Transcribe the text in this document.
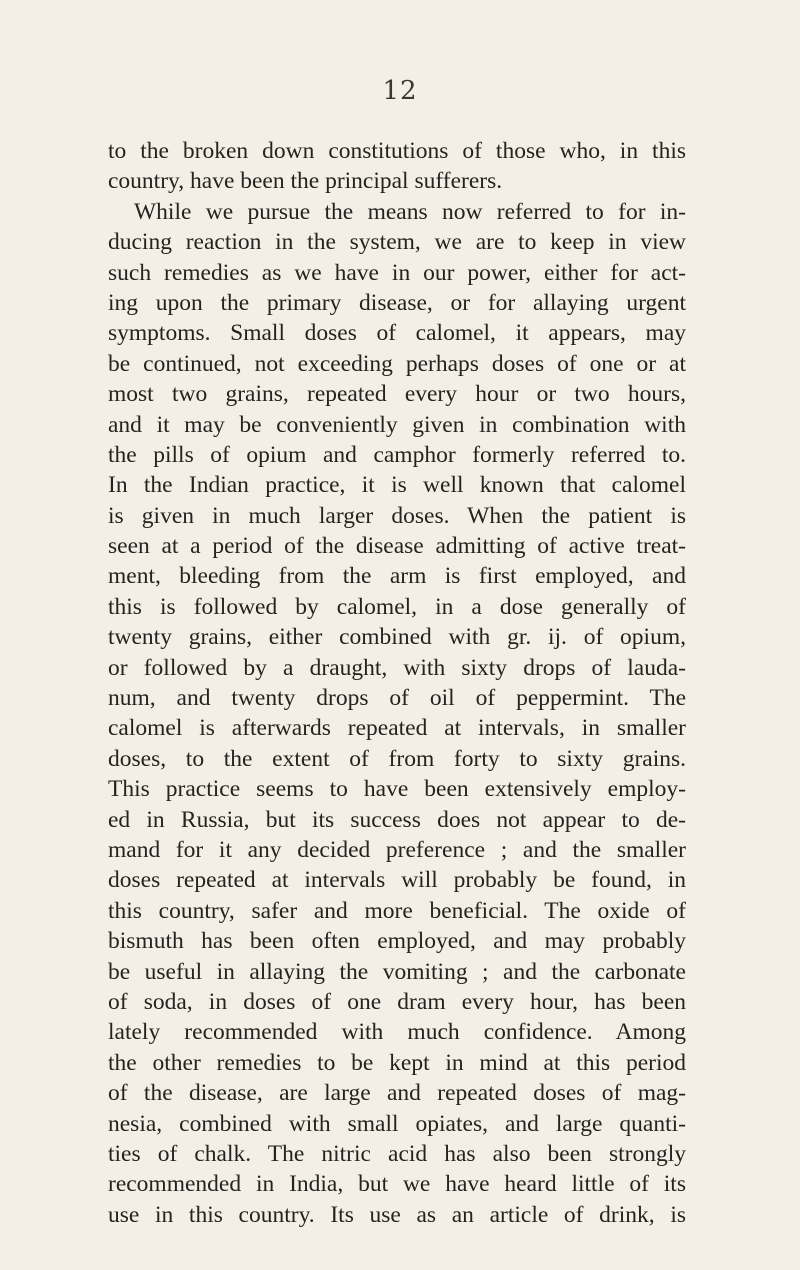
12
to the broken down constitutions of those who, in this
country, have been the principal sufferers.
While we pursue the means now referred to for in-
ducing reaction in the system, we are to keep in view
such remedies as we have in our power, either for act-
ing upon the primary disease, or for allaying urgent
symptoms. Small doses of calomel, it appears, may
be continued, not exceeding perhaps doses of one or at
most two grains, repeated every hour or two hours,
and it may be conveniently given in combination with
the pills of opium and camphor formerly referred to.
In the Indian practice, it is well known that calomel
is given in much larger doses. When the patient is
seen at a period of the disease admitting of active treat-
ment, bleeding from the arm is first employed, and
this is followed by calomel, in a dose generally of
twenty grains, either combined with gr. ij. of opium,
or followed by a draught, with sixty drops of lauda-
num, and twenty drops of oil of peppermint. The
calomel is afterwards repeated at intervals, in smaller
doses, to the extent of from forty to sixty grains.
This practice seems to have been extensively employ-
ed in Russia, but its success does not appear to de-
mand for it any decided preference ; and the smaller
doses repeated at intervals will probably be found, in
this country, safer and more beneficial. The oxide of
bismuth has been often employed, and may probably
be useful in allaying the vomiting ; and the carbonate
of soda, in doses of one dram every hour, has been
lately recommended with much confidence. Among
the other remedies to be kept in mind at this period
of the disease, are large and repeated doses of mag-
nesia, combined with small opiates, and large quanti-
ties of chalk. The nitric acid has also been strongly
recommended in India, but we have heard little of its
use in this country. Its use as an article of drink, is
